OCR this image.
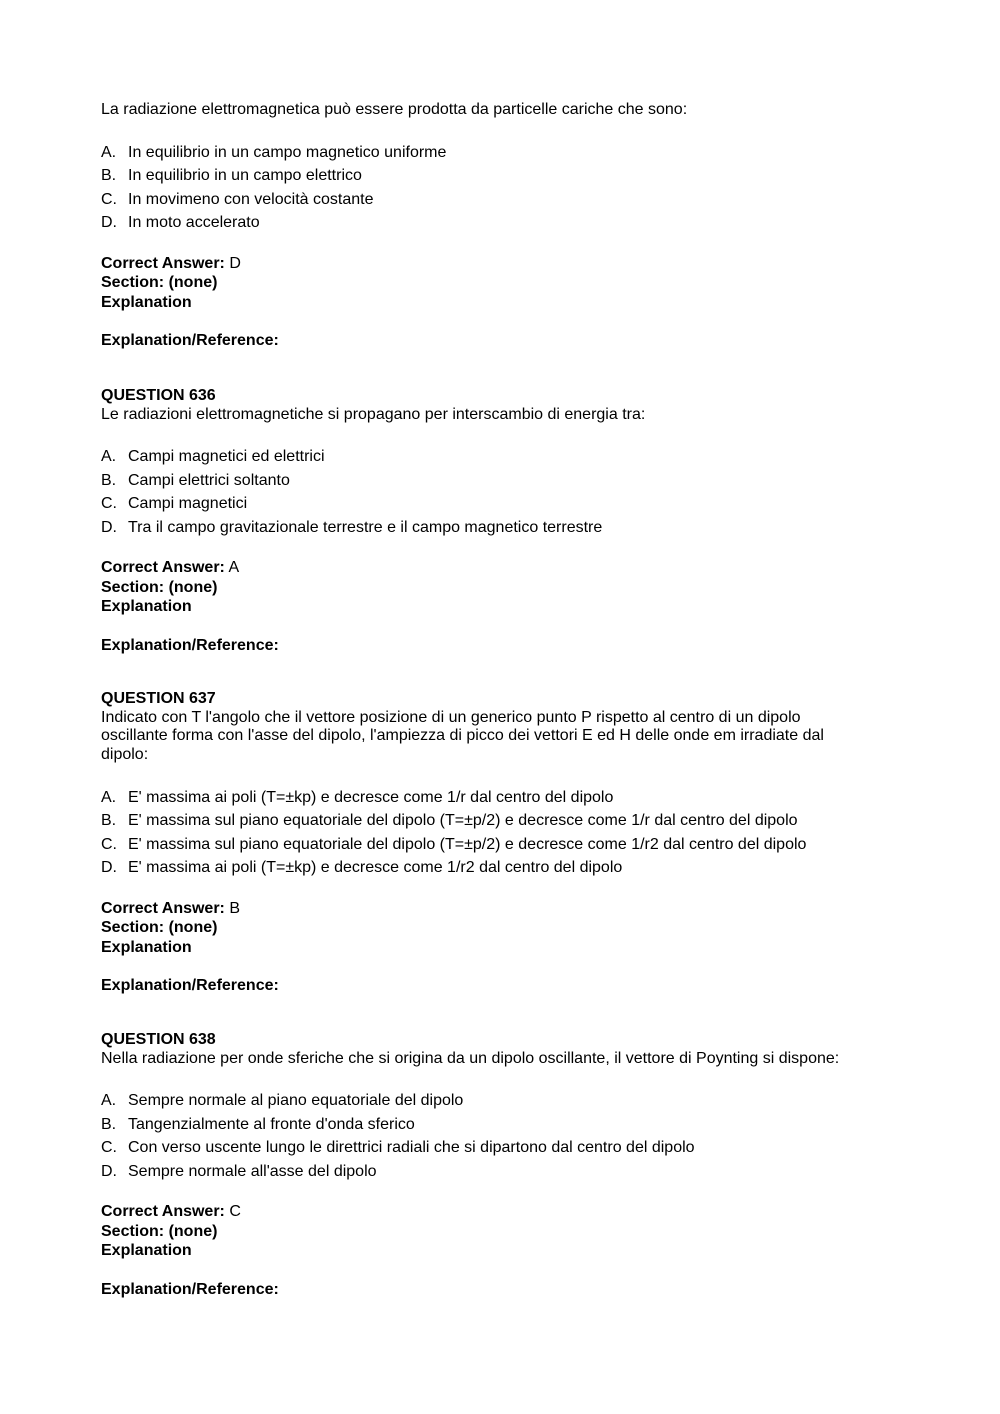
La radiazione elettromagnetica può essere prodotta da particelle cariche che sono:
A. In equilibrio in un campo magnetico uniforme
B. In equilibrio in un campo elettrico
C. In movimeno con velocità costante
D. In moto accelerato
Correct Answer: D
Section: (none)
Explanation
Explanation/Reference:
QUESTION 636
Le radiazioni elettromagnetiche si propagano per interscambio di energia tra:
A. Campi magnetici ed elettrici
B. Campi elettrici soltanto
C. Campi magnetici
D. Tra il campo gravitazionale terrestre e il campo magnetico terrestre
Correct Answer: A
Section: (none)
Explanation
Explanation/Reference:
QUESTION 637
Indicato con T l'angolo che il vettore posizione di un generico punto P rispetto al centro di un dipolo oscillante forma con l'asse del dipolo, l'ampiezza di picco dei vettori E ed H delle onde em irradiate dal dipolo:
A. E' massima ai poli (T=±kp) e decresce come 1/r dal centro del dipolo
B. E' massima sul piano equatoriale del dipolo (T=±p/2) e decresce come 1/r dal centro del dipolo
C. E' massima sul piano equatoriale del dipolo (T=±p/2) e decresce come 1/r2 dal centro del dipolo
D. E' massima ai poli (T=±kp) e decresce come 1/r2 dal centro del dipolo
Correct Answer: B
Section: (none)
Explanation
Explanation/Reference:
QUESTION 638
Nella radiazione per onde sferiche che si origina da un dipolo oscillante, il vettore di Poynting si dispone:
A. Sempre normale al piano equatoriale del dipolo
B. Tangenzialmente al fronte d'onda sferico
C. Con verso uscente lungo le direttrici radiali che si dipartono dal centro del dipolo
D. Sempre normale all'asse del dipolo
Correct Answer: C
Section: (none)
Explanation
Explanation/Reference:
